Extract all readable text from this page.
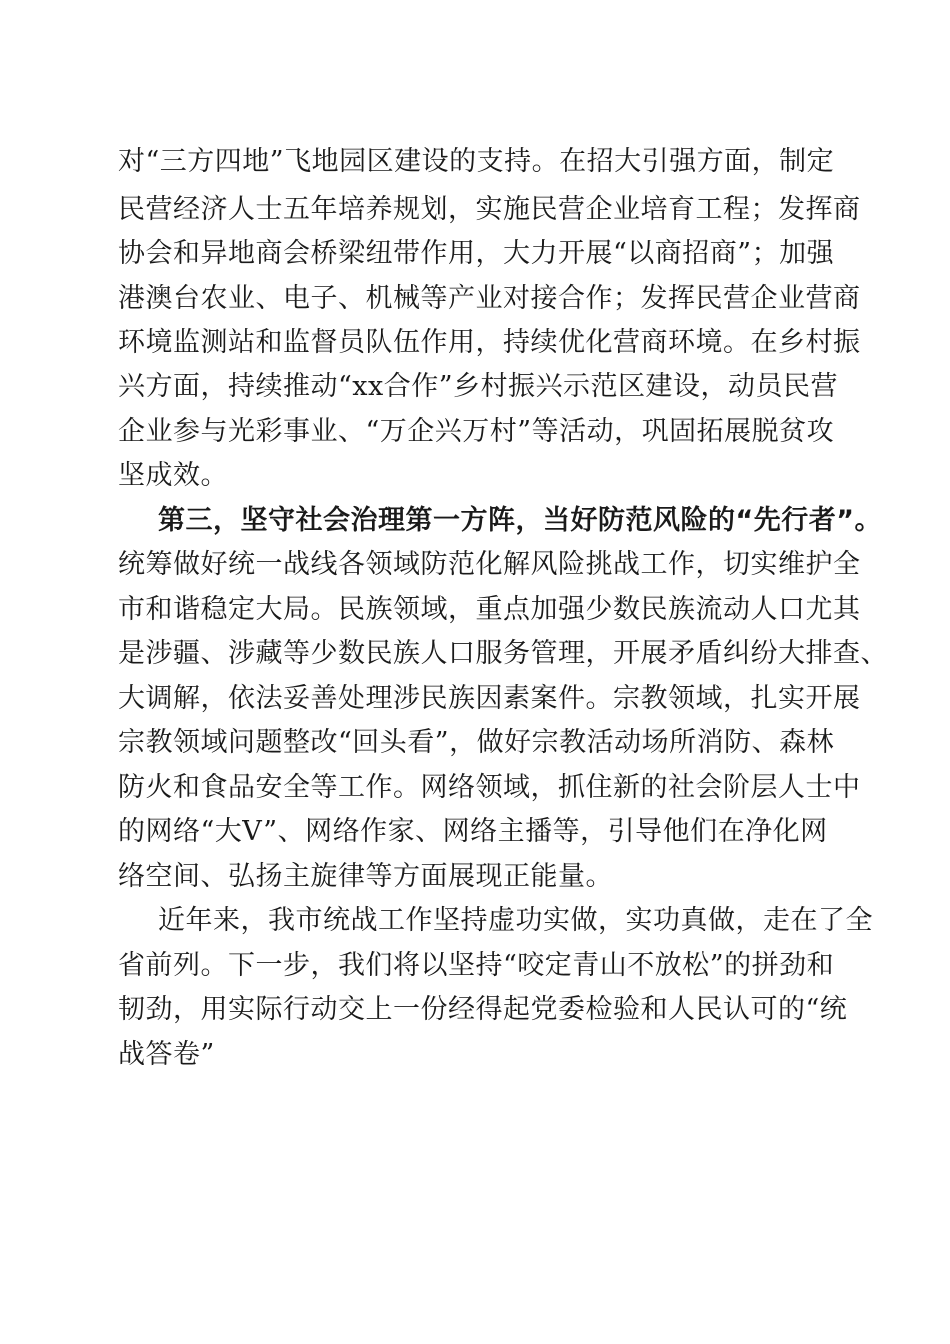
对“三方四地”飞地园区建设的支持。在招大引强方面，制定
民营经济人士五年培养规划，实施民营企业培育工程；发挥商
协会和异地商会桥梁纽带作用，大力开展“以商招商”；加强
港澳台农业、电子、机械等产业对接合作；发挥民营企业营商
环境监测站和监督员队伍作用，持续优化营商环境。在乡村振
兴方面，持续推动“xx合作”乡村振兴示范区建设，动员民营
企业参与光彩事业、“万企兴万村”等活动，巩固拓展脱贫攻
坚成效。
第三，坚守社会治理第一方阵，当好防范风险的“先行者”。
统筹做好统一战线各领域防范化解风险挑战工作，切实维护全
市和谐稳定大局。民族领域，重点加强少数民族流动人口尤其
是涉疆、涉藏等少数民族人口服务管理，开展矛盾纠纷大排查、
大调解，依法妥善处理涉民族因素案件。宗教领域，扎实开展
宗教领域问题整改“回头看”，做好宗教活动场所消防、森林
防火和食品安全等工作。网络领域，抓住新的社会阶层人士中
的网络“大V”、网络作家、网络主播等，引导他们在净化网
络空间、弘扬主旋律等方面展现正能量。
近年来，我市统战工作坚持虚功实做，实功真做，走在了全
省前列。下一步，我们将以坚持“咬定青山不放松”的拼劲和
韧劲，用实际行动交上一份经得起党委检验和人民认可的“统
战答卷”
